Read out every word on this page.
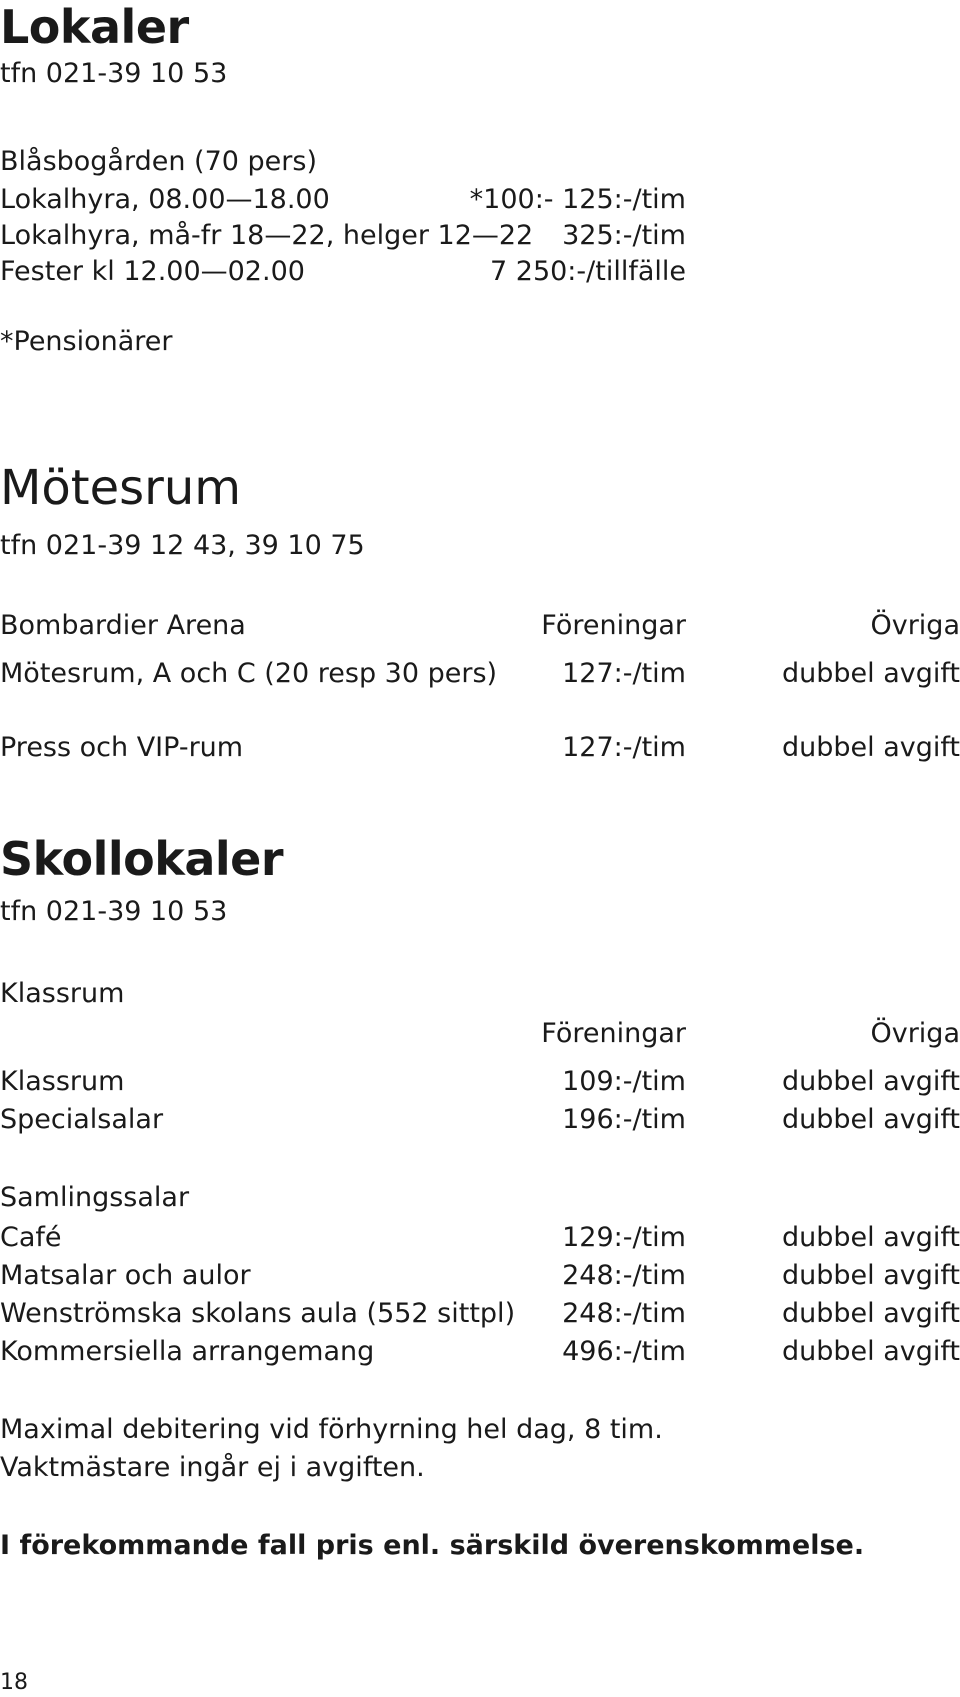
Lokaler
tfn 021-39 10 53
Blåsbogården (70 pers)
Lokalhyra, 08.00—18.00	*100:- 125:-/tim
Lokalhyra, må-fr 18—22, helger 12—22 325:-/tim
Fester kl 12.00—02.00	7 250:-/tillfälle
*Pensionärer
Mötesrum
tfn 021-39 12 43, 39 10 75
Bombardier Arena	Föreningar	Övriga
Mötesrum, A och C (20 resp 30 pers) 127:-/tim	dubbel avgift
Press och VIP-rum	127:-/tim	dubbel avgift
Skollokaler
tfn 021-39 10 53
Klassrum
Föreningar	Övriga
Klassrum	109:-/tim	dubbel avgift
Specialsalar	196:-/tim	dubbel avgift
Samlingssalar
Café	129:-/tim	dubbel avgift
Matsalar och aulor	248:-/tim	dubbel avgift
Wenströmska skolans aula (552 sittpl) 248:-/tim	dubbel avgift
Kommersiella arrangemang	496:-/tim	dubbel avgift
Maximal debitering vid förhyrning hel dag, 8 tim.
Vaktmästare ingår ej i avgiften.
I förekommande fall pris enl. särskild överenskommelse.
18
